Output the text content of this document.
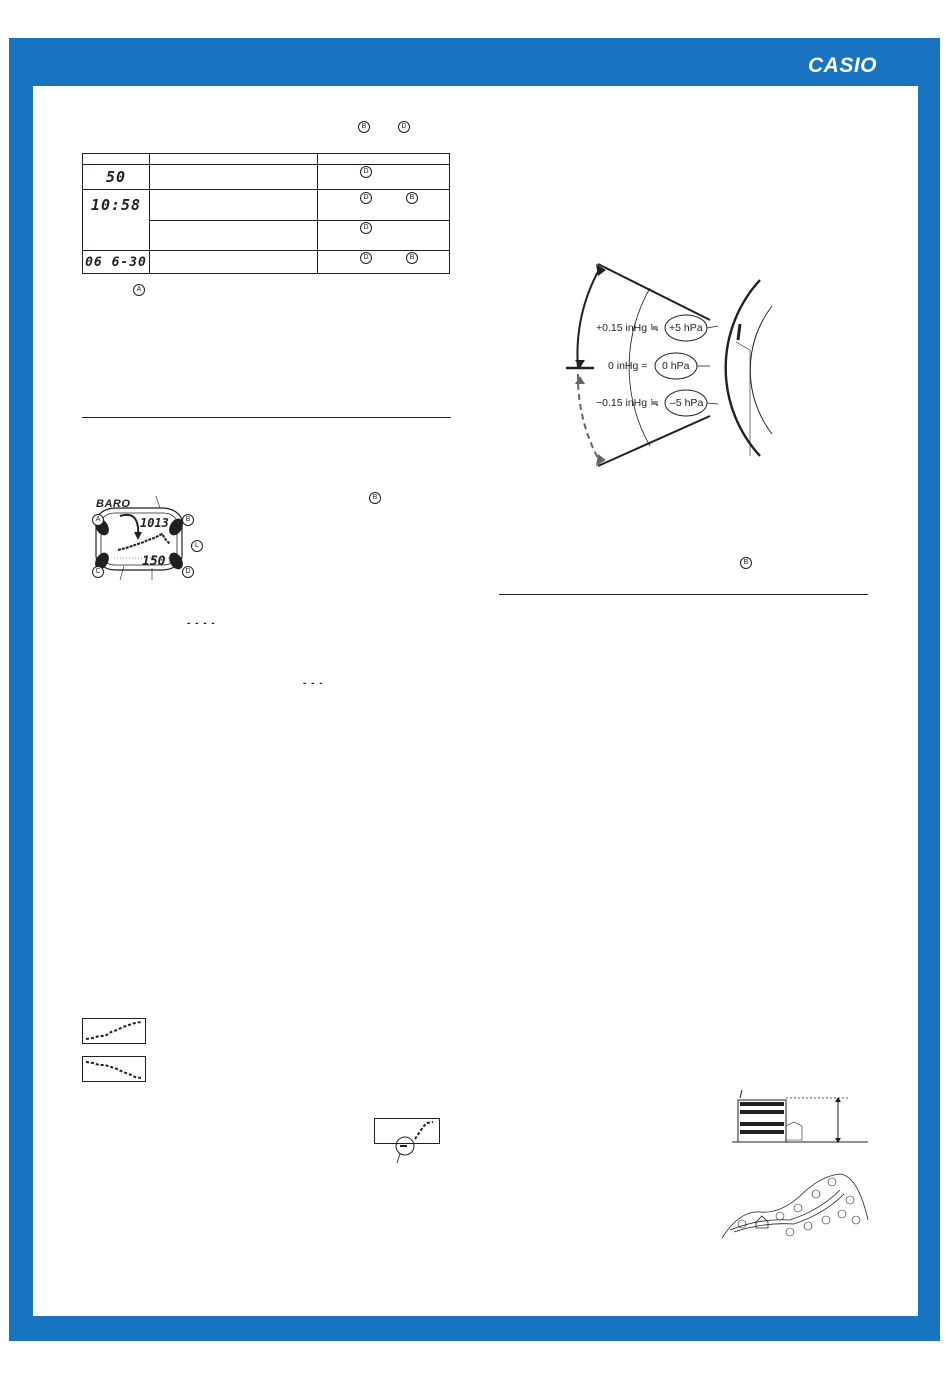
CASIO
B	D

50		D

10:58		D B

		D

06 6-30		D B
A
BARO
1013
150
A	B
L
C	D
B
- - - -
- - -
+0.15 inHg ≒ +5 hPa
0 inHg = 0 hPa
−0.15 inHg ≒ –5 hPa
B
